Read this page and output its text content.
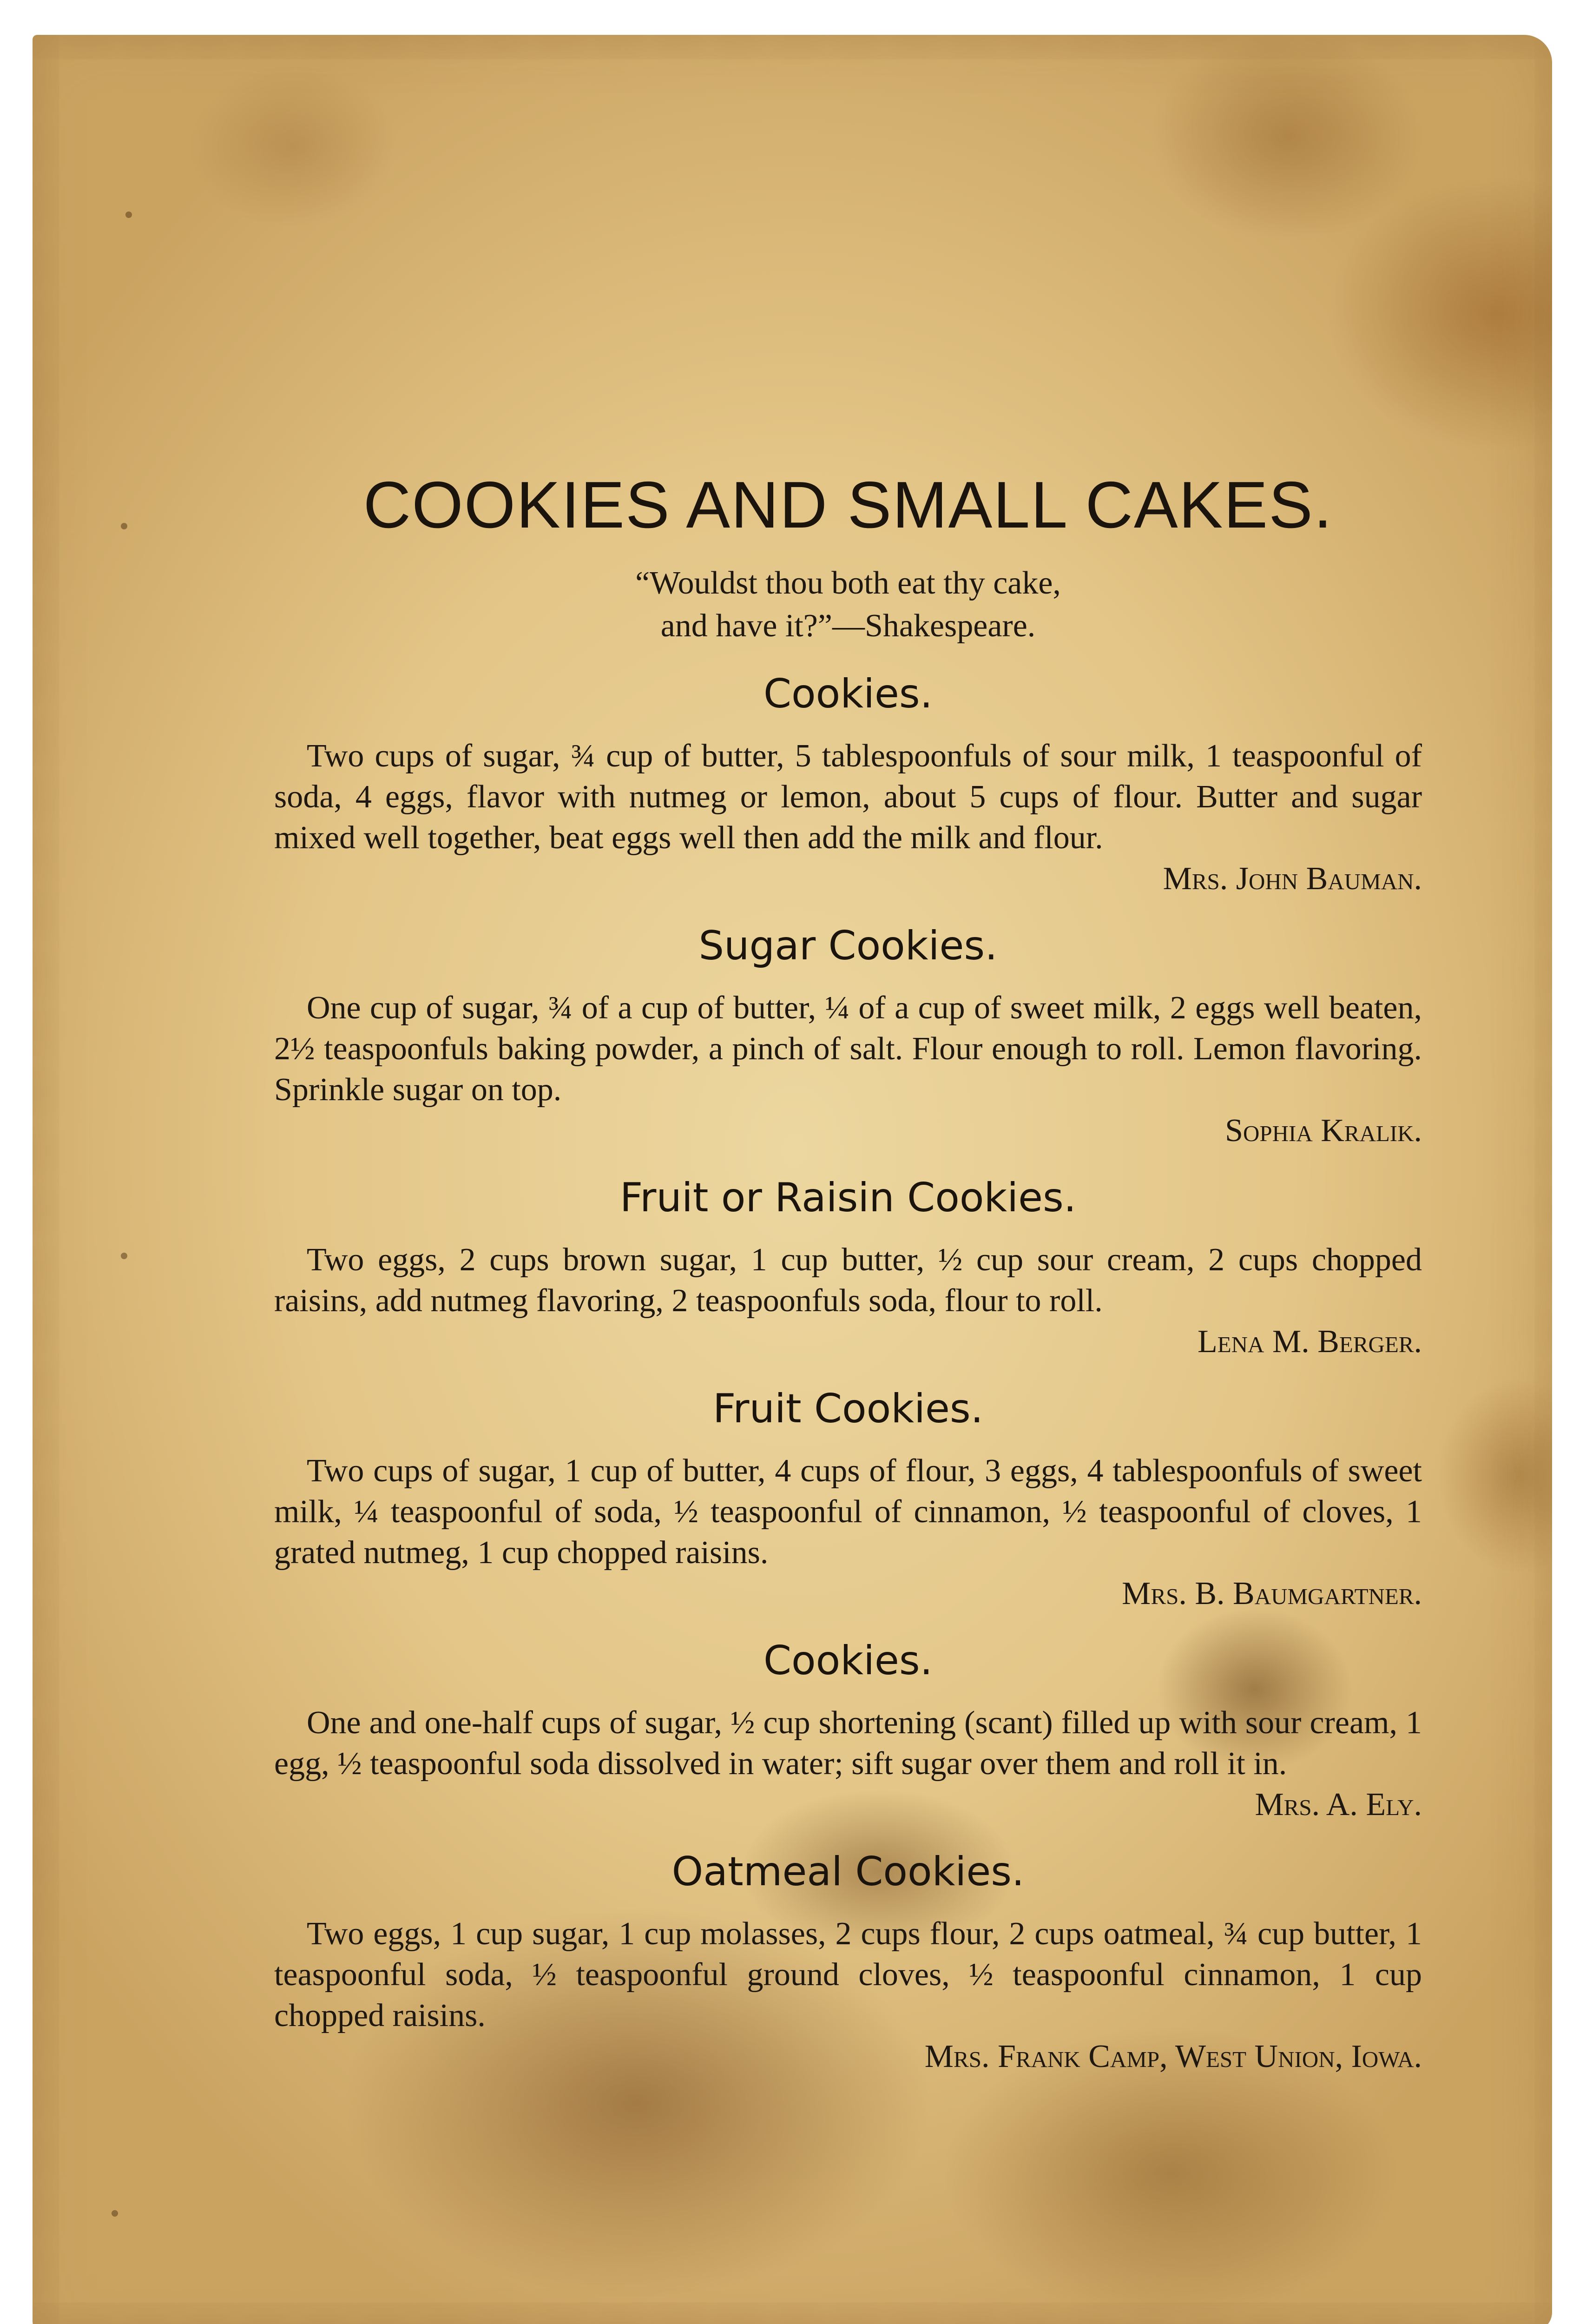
COOKIES AND SMALL CAKES.
“Wouldst thou both eat thy cake,
and have it?”—Shakespeare.
Cookies.

Two cups of sugar, ¾ cup of butter, 5 tablespoonfuls of sour milk, 1 teaspoonful of soda, 4 eggs, flavor with nutmeg or lemon, about 5 cups of flour. Butter and sugar mixed well together, beat eggs well then add the milk and flour.

Mrs. John Bauman.
Sugar Cookies.

One cup of sugar, ¾ of a cup of butter, ¼ of a cup of sweet milk, 2 eggs well beaten, 2½ teaspoonfuls baking powder, a pinch of salt. Flour enough to roll. Lemon flavoring. Sprinkle sugar on top.

Sophia Kralik.
Fruit or Raisin Cookies.

Two eggs, 2 cups brown sugar, 1 cup butter, ½ cup sour cream, 2 cups chopped raisins, add nutmeg flavoring, 2 teaspoonfuls soda, flour to roll.

Lena M. Berger.
Fruit Cookies.

Two cups of sugar, 1 cup of butter, 4 cups of flour, 3 eggs, 4 tablespoonfuls of sweet milk, ¼ teaspoonful of soda, ½ teaspoonful of cinnamon, ½ teaspoonful of cloves, 1 grated nutmeg, 1 cup chopped raisins.

Mrs. B. Baumgartner.
Cookies.

One and one-half cups of sugar, ½ cup shortening (scant) filled up with sour cream, 1 egg, ½ teaspoonful soda dissolved in water; sift sugar over them and roll it in.

Mrs. A. Ely.
Oatmeal Cookies.

Two eggs, 1 cup sugar, 1 cup molasses, 2 cups flour, 2 cups oatmeal, ¾ cup butter, 1 teaspoonful soda, ½ teaspoonful ground cloves, ½ teaspoonful cinnamon, 1 cup chopped raisins.

Mrs. Frank Camp, West Union, Iowa.
